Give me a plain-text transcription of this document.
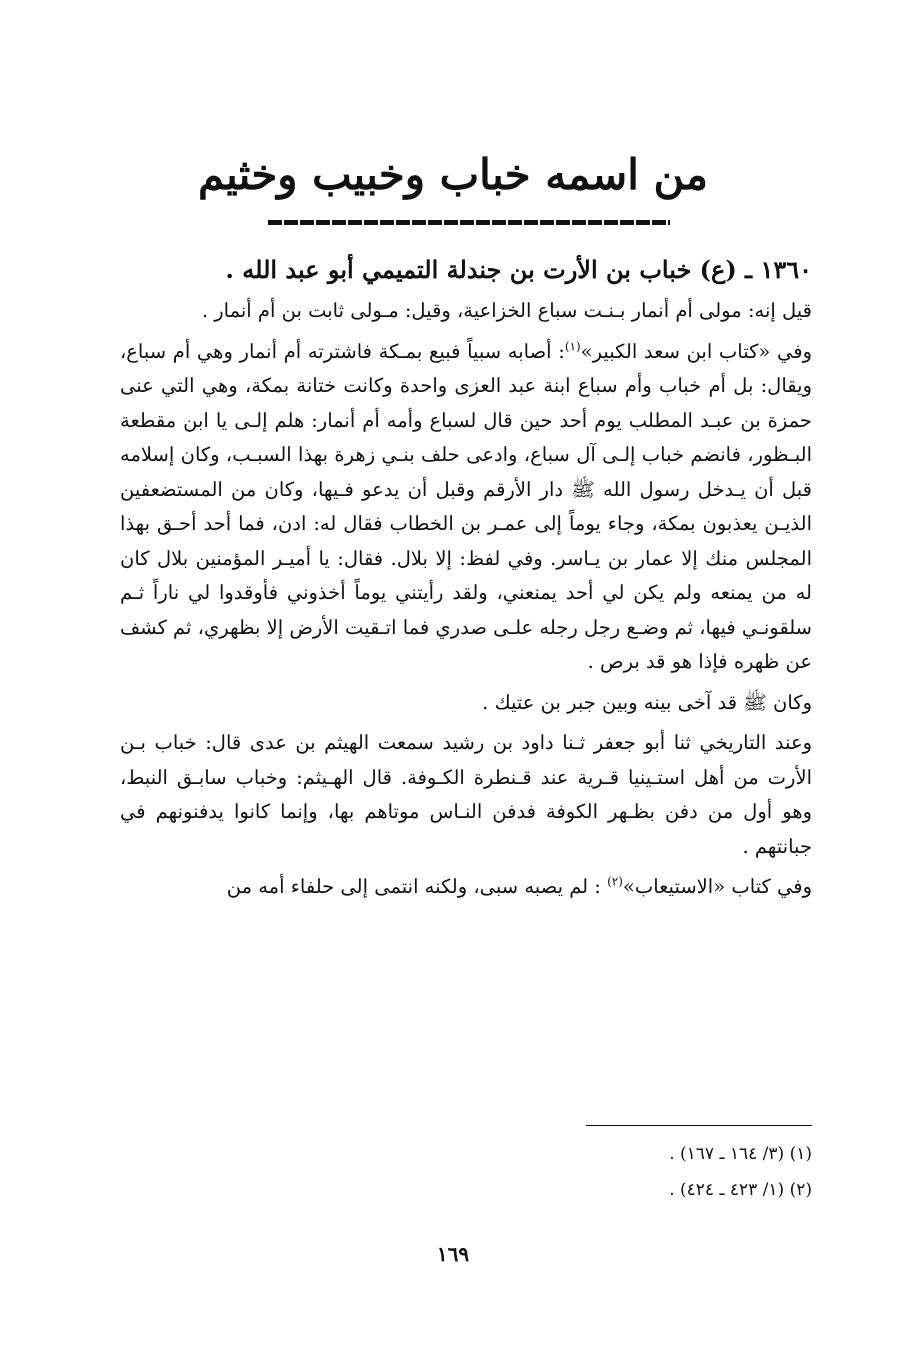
من اسمه خباب وخبيب وخثيم

١٣٦٠ ـ (ع) خباب بن الأرت بن جندلة التميمي أبو عبد الله .

قيل إنه: مولى أم أنمار بـنـت سباع الخزاعية، وقيل: مـولى ثابت بن أم أنمار .

وفي «كتاب ابن سعد الكبير»$^{(١)}$: أصابه سبياً فبيع بمـكة فاشترته أم أنمار وهي أم سباع، ويقال: بل أم خباب وأم سباع ابنة عبد العزى واحدة وكانت ختانة بمكة، وهي التي عنى حمزة بن عبـد المطلب يوم أحد حين قال لسباع وأمه أم أنمار: هلم إلـى يا ابن مقطعة البـظور، فانضم خباب إلـى آل سباع، وادعى حلف بنـي زهرة بهذا السبـب، وكان إسلامه قبل أن يـدخل رسول الله ﷺ دار الأرقم وقبل أن يدعو فـيها، وكان من المستضعفين الذيـن يعذبون بمكة، وجاء يوماً إلى عمـر بن الخطاب فقال له: ادن، فما أحد أحـق بهذا المجلس منك إلا عمار بن يـاسر. وفي لفظ: إلا بلال. فقال: يا أميـر المؤمنين بلال كان له من يمنعه ولم يكن لي أحد يمنعني، ولقد رأيتني يوماً أخذوني فأوقدوا لي ناراً ثـم سلقونـي فيها، ثم وضـع رجل رجله علـى صدري فما اتـقيت الأرض إلا بظهري، ثم كشف عن ظهره فإذا هو قد برص .

وكان ﷺ قد آخى بينه وبين جبر بن عتيك .

وعند التاريخي ثنا أبو جعفر ثـنا داود بن رشيد سمعت الهيثم بن عدى قال: خباب بـن الأرت من أهل استـينيا قـرية عند قـنطرة الكـوفة. قال الهـيثم: وخباب سابـق النبط، وهو أول من دفن بظـهر الكوفة فدفن النـاس موتاهم بها، وإنما كانوا يدفنونهم في جبانتهم .

وفي كتاب «الاستيعاب»$^{(٢)}$ : لم يصبه سبى، ولكنه انتمى إلى حلفاء أمه من

(١) (٣/ ١٦٤ ـ ١٦٧) .

(٢) (١/ ٤٢٣ ـ ٤٢٤) .

١٦٩
